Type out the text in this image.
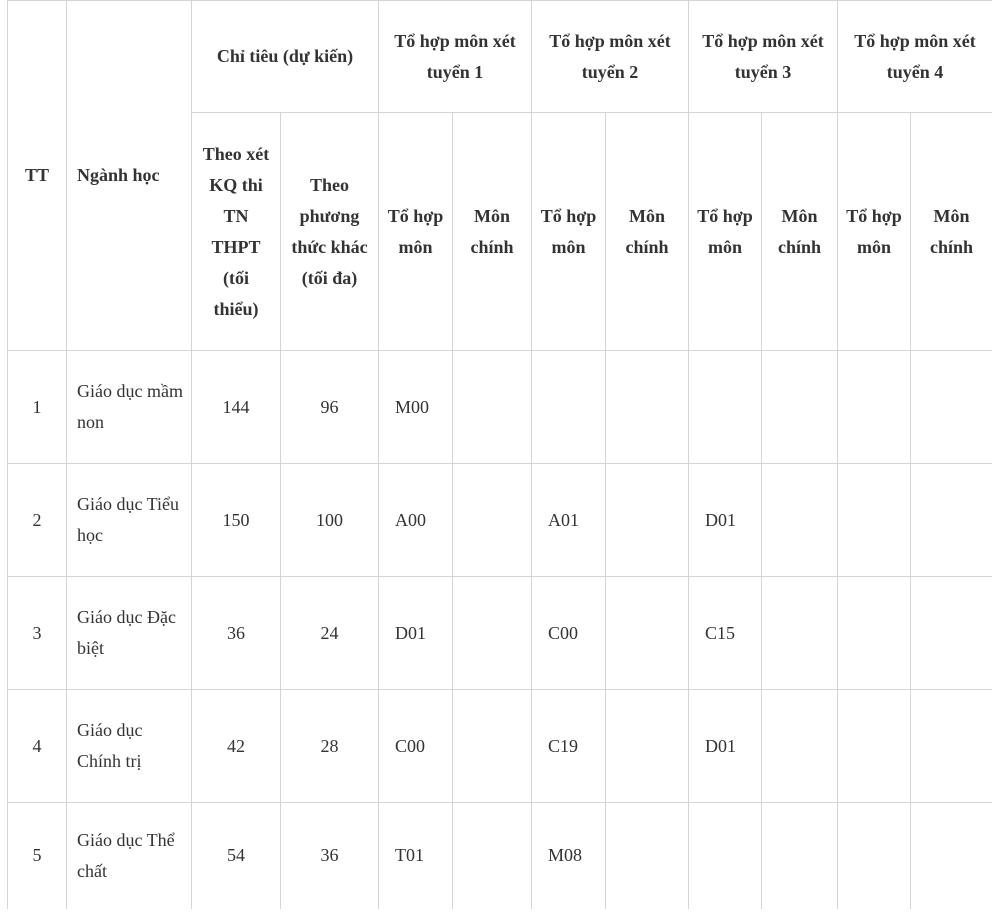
TT	Ngành học	Chỉ tiêu (dự kiến)		Tổ hợp môn xét tuyển 1		Tổ hợp môn xét tuyển 2		Tổ hợp môn xét tuyển 3		Tổ hợp môn xét tuyển 4	
		Theo xét KQ thi TN THPT (tối thiểu)	Theo phương thức khác (tối đa)	Tổ hợp môn	Môn chính	Tổ hợp môn	Môn chính	Tổ hợp môn	Môn chính	Tổ hợp môn	Môn chính
1	Giáo dục mầm non	144	96	M00							
2	Giáo dục Tiểu học	150	100	A00		A01		D01			
3	Giáo dục Đặc biệt	36	24	D01		C00		C15			
4	Giáo dục Chính trị	42	28	C00		C19		D01			
5	Giáo dục Thể chất	54	36	T01		M08					
